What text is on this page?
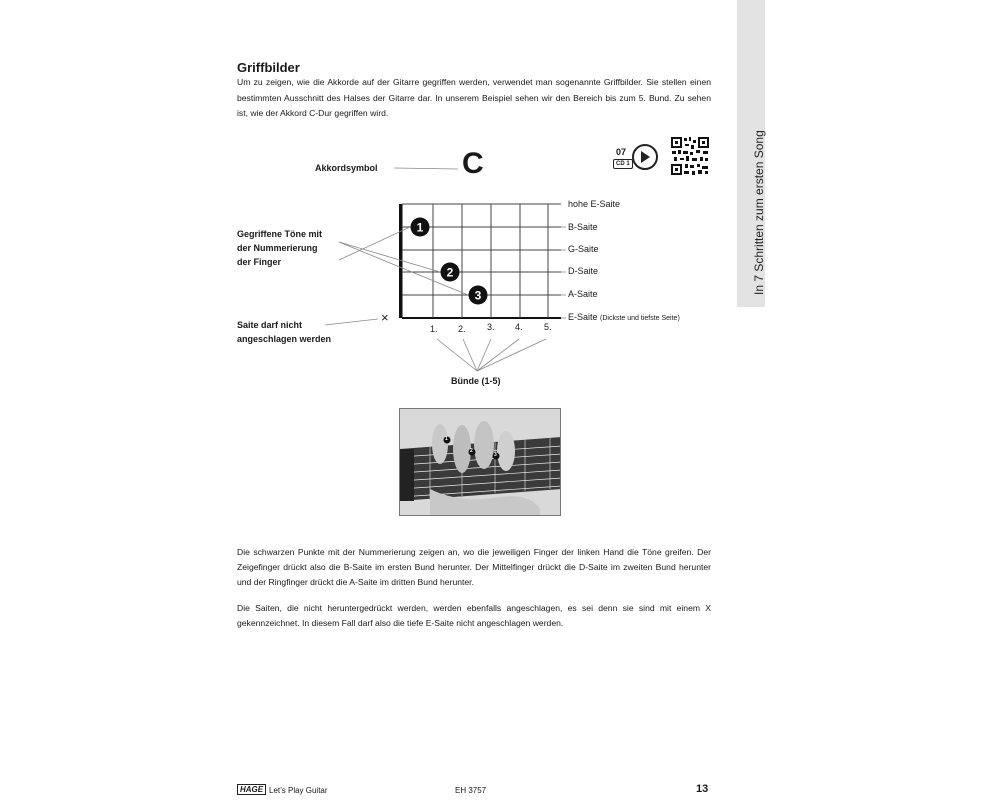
In 7 Schritten zum ersten Song
Griffbilder

Um zu zeigen, wie die Akkorde auf der Gitarre gegriffen werden, verwendet man sogenannte Griffbilder. Sie stellen einen bestimmten Ausschnitt des Halses der Gitarre dar. In unserem Beispiel sehen wir den Bereich bis zum 5. Bund. Zu sehen ist, wie der Akkord C-Dur gegriffen wird.

07
CD 1
C
Akkordsymbol
Gegriffene Töne mit
der Nummerierung
der Finger
Saite darf nicht
angeschlagen werden
Bünde (1-5)
×
hohe E-Saite
B-Saite
G-Saite
D-Saite
A-Saite
E-Saite (Dickste und tiefste Seite)
1. 2. 3. 4. 5.
1
2
3
1
2
3

Die schwarzen Punkte mit der Nummerierung zeigen an, wo die jeweiligen Finger der linken Hand die Töne greifen. Der Zeigefinger drückt also die B-Saite im ersten Bund herunter. Der Mittelfinger drückt die D-Saite im zweiten Bund herunter und der Ringfinger drückt die A-Saite im dritten Bund herunter.

Die Saiten, die nicht heruntergedrückt werden, werden ebenfalls angeschlagen, es sei denn sie sind mit einem X gekennzeichnet. In diesem Fall darf also die tiefe E-Saite nicht angeschlagen werden.

HAGE Let’s Play Guitar	EH 3757	13
